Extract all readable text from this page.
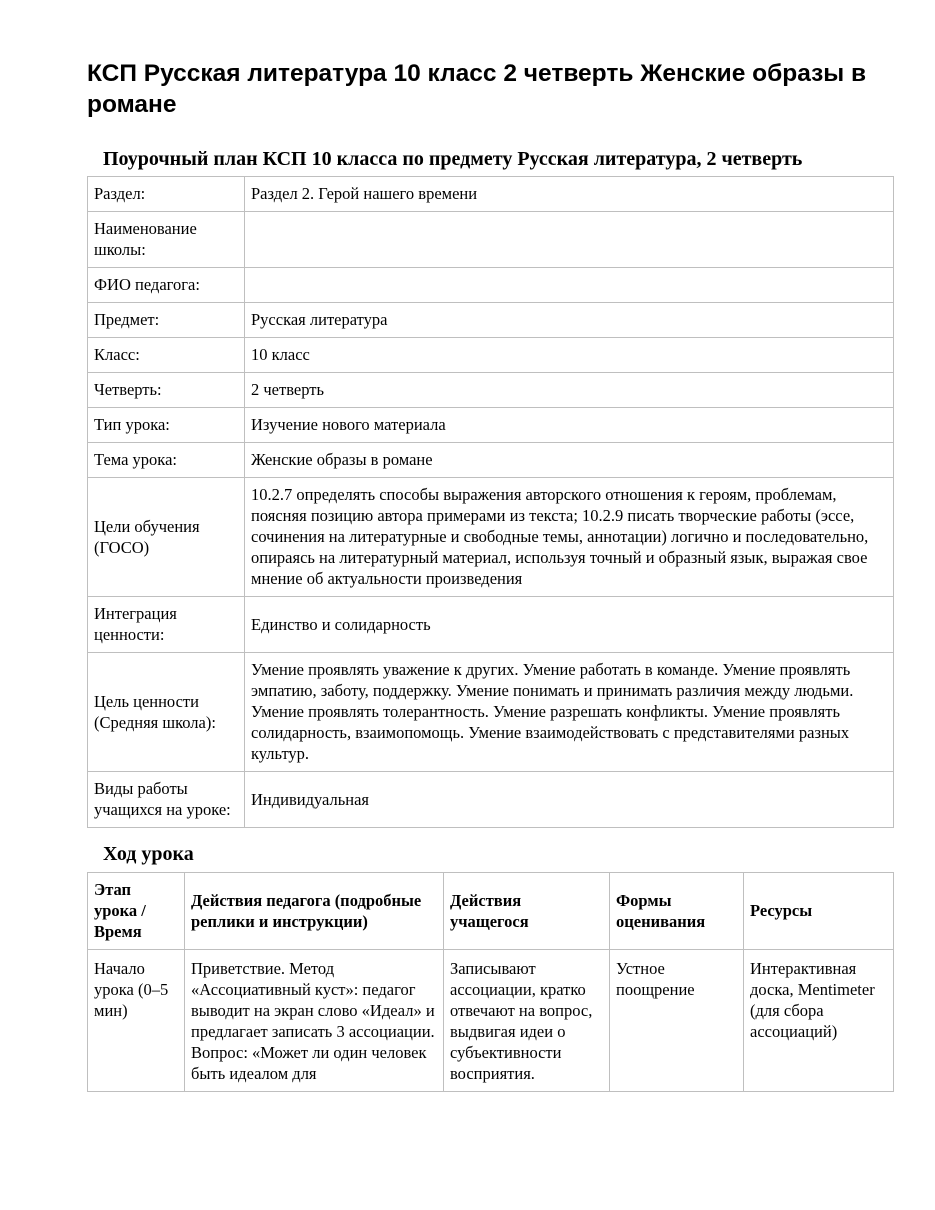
КСП Русская литература 10 класс 2 четверть Женские образы в романе
Поурочный план КСП 10 класса по предмету Русская литература, 2 четверть
Раздел:	Раздел 2. Герой нашего времени
Наименование школы:	
ФИО педагога:	
Предмет:	Русская литература
Класс:	10 класс
Четверть:	2 четверть
Тип урока:	Изучение нового материала
Тема урока:	Женские образы в романе
Цели обучения (ГОСО)	10.2.7 определять способы выражения авторского отношения к героям, проблемам, поясняя позицию автора примерами из текста; 10.2.9 писать творческие работы (эссе, сочинения на литературные и свободные темы, аннотации) логично и последовательно, опираясь на литературный материал, используя точный и образный язык, выражая свое мнение об актуальности произведения
Интеграция ценности:	Единство и солидарность
Цель ценности (Средняя школа):	Умение проявлять уважение к других. Умение работать в команде. Умение проявлять эмпатию, заботу, поддержку. Умение понимать и принимать различия между людьми. Умение проявлять толерантность. Умение разрешать конфликты. Умение проявлять солидарность, взаимопомощь. Умение взаимодействовать с представителями разных культур.
Виды работы учащихся на уроке:	Индивидуальная
Ход урока
Этап урока / Время	Действия педагога (подробные реплики и инструкции)	Действия учащегося	Формы оценивания	Ресурсы
Начало урока (0–5 мин)	Приветствие. Метод «Ассоциативный куст»: педагог выводит на экран слово «Идеал» и предлагает записать 3 ассоциации. Вопрос: «Может ли один человек быть идеалом для	Записывают ассоциации, кратко отвечают на вопрос, выдвигая идеи о субъективности восприятия.	Устное поощрение	Интерактивная доска, Mentimeter (для сбора ассоциаций)
